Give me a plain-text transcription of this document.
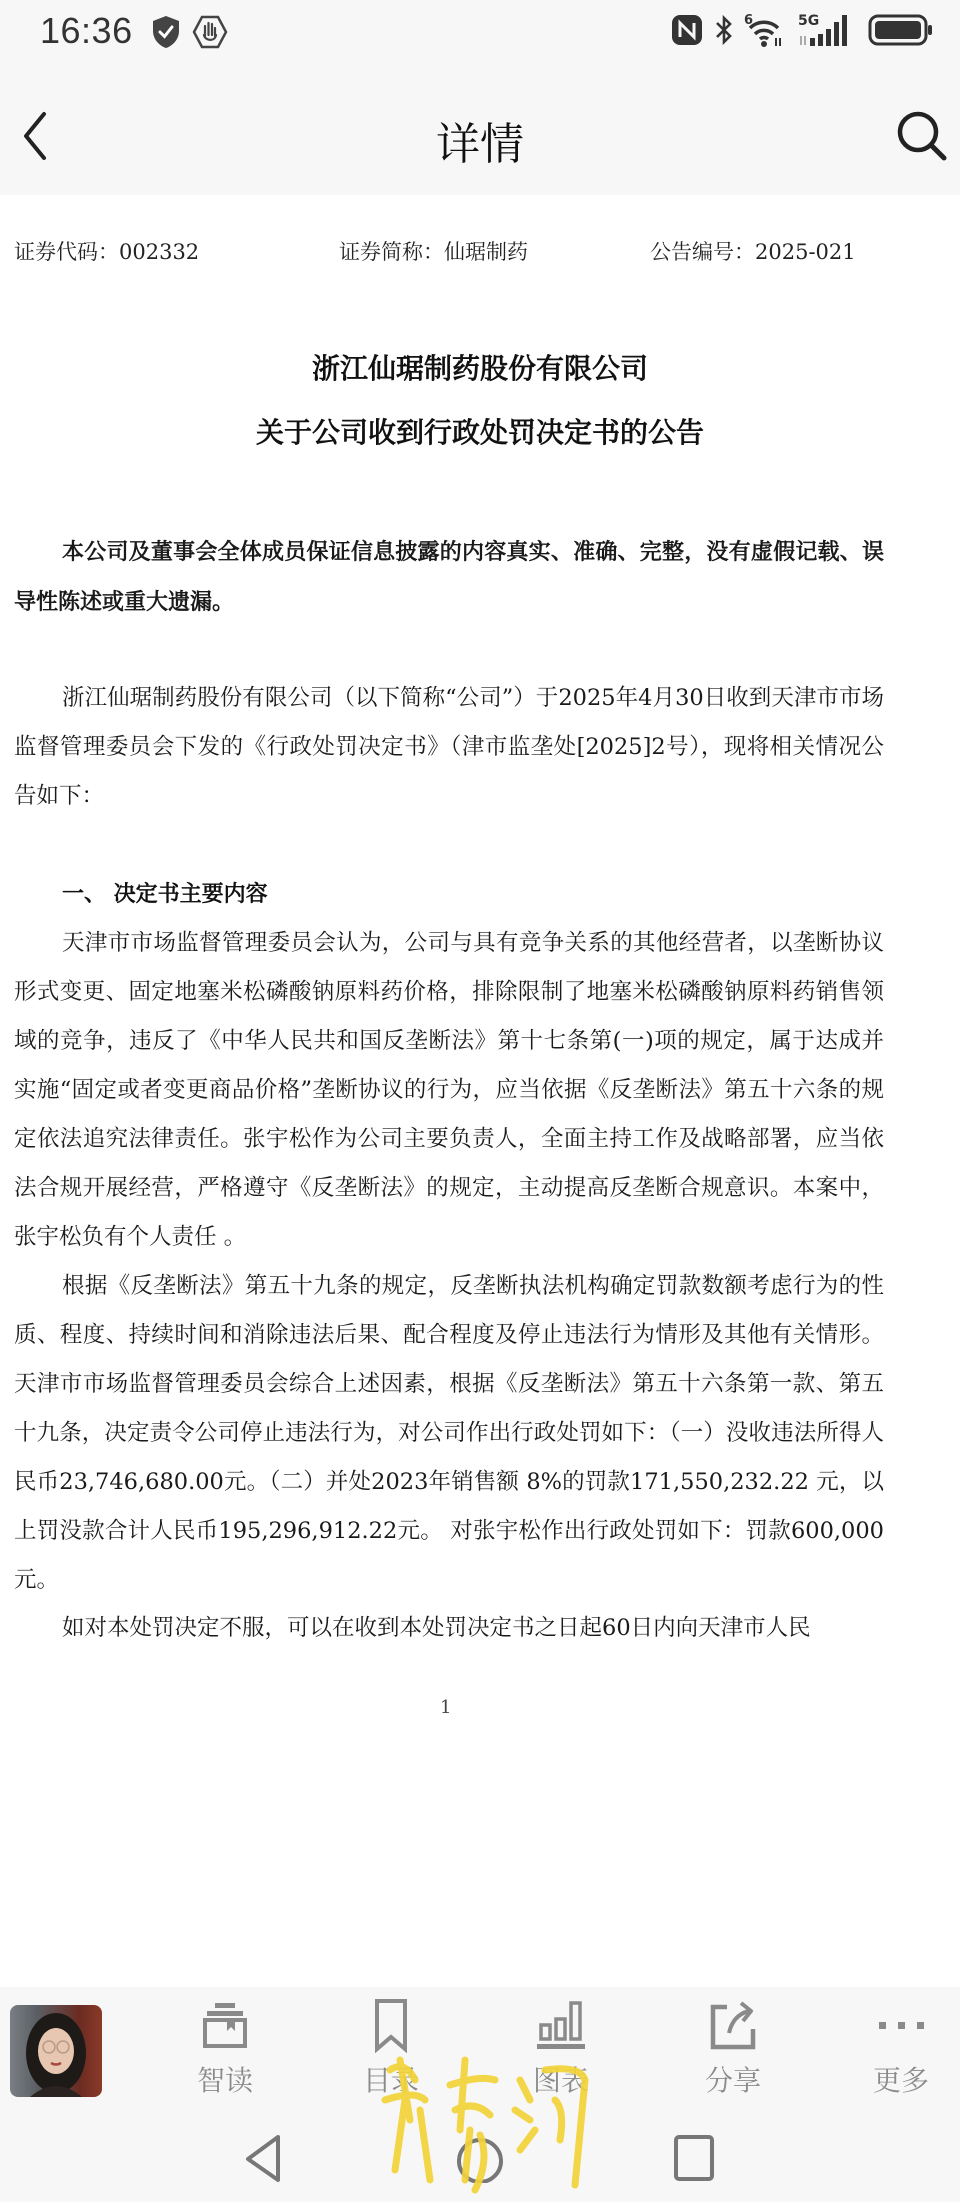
16:36	6	5G
详情
证券代码：002332	证券简称：仙琚制药	公告编号：2025-021
浙江仙琚制药股份有限公司
关于公司收到行政处罚决定书的公告
本公司及董事会全体成员保证信息披露的内容真实、准确、完整，没有虚假记载、误导性陈述或重大遗漏。
浙江仙琚制药股份有限公司（以下简称“公司”）于2025年4月30日收到天津市市场监督管理委员会下发的《行政处罚决定书》（津市监垄处[2025]2号），现将相关情况公告如下：
一、 决定书主要内容
天津市市场监督管理委员会认为，公司与具有竞争关系的其他经营者，以垄断协议形式变更、固定地塞米松磷酸钠原料药价格，排除限制了地塞米松磷酸钠原料药销售领域的竞争，违反了《中华人民共和国反垄断法》第十七条第(一)项的规定，属于达成并实施“固定或者变更商品价格”垄断协议的行为，应当依据《反垄断法》第五十六条的规定依法追究法律责任。张宇松作为公司主要负责人，全面主持工作及战略部署，应当依法合规开展经营，严格遵守《反垄断法》的规定，主动提高反垄断合规意识。本案中，张宇松负有个人责任 。
根据《反垄断法》第五十九条的规定，反垄断执法机构确定罚款数额考虑行为的性质、程度、持续时间和消除违法后果、配合程度及停止违法行为情形及其他有关情形。天津市市场监督管理委员会综合上述因素，根据《反垄断法》第五十六条第一款、第五十九条，决定责令公司停止违法行为，对公司作出行政处罚如下：（一）没收违法所得人民币23,746,680.00元。（二）并处2023年销售额 8%的罚款171,550,232.22 元，以上罚没款合计人民币195,296,912.22元。 对张宇松作出行政处罚如下：罚款600,000元。
如对本处罚决定不服，可以在收到本处罚决定书之日起60日内向天津市人民
1
智读	目录	图表	分享	更多
